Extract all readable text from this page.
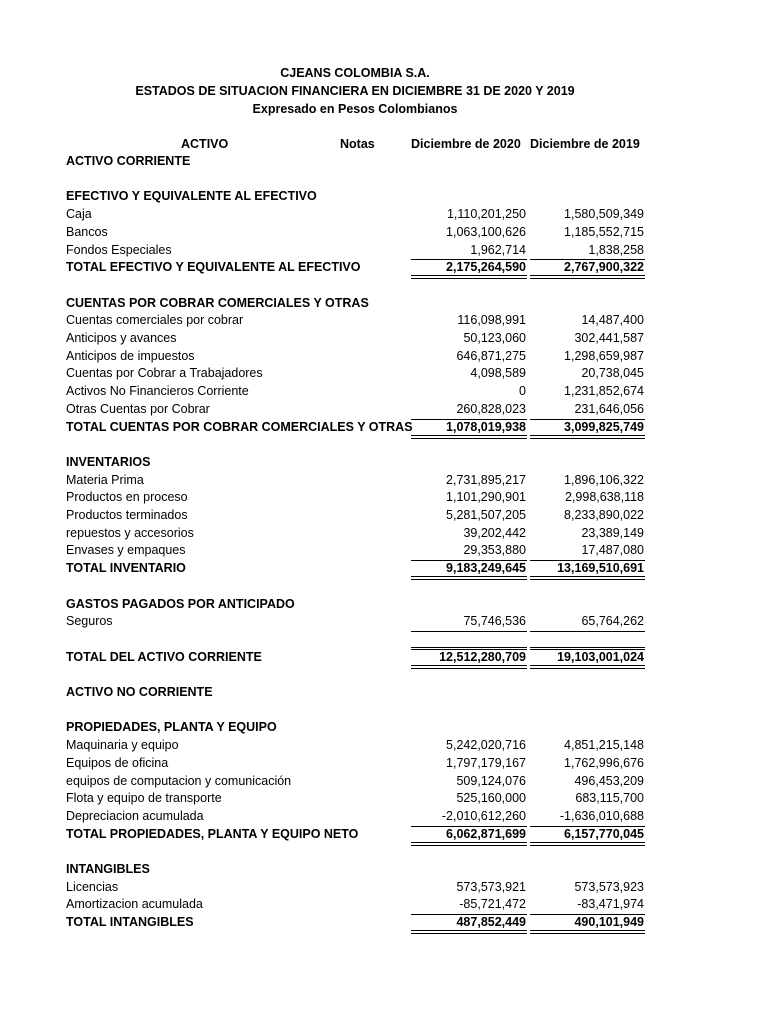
CJEANS COLOMBIA S.A.
ESTADOS DE SITUACION FINANCIERA EN DICIEMBRE 31 DE 2020 Y 2019
Expresado en Pesos Colombianos
ACTIVO	Notas	Diciembre de 2020 Diciembre de 2019
ACTIVO CORRIENTE
EFECTIVO Y EQUIVALENTE AL EFECTIVO
Caja	1,110,201,250	1,580,509,349
Bancos	1,063,100,626	1,185,552,715
Fondos Especiales	1,962,714	1,838,258
TOTAL EFECTIVO Y EQUIVALENTE AL EFECTIVO	2,175,264,590	2,767,900,322
CUENTAS POR COBRAR COMERCIALES Y OTRAS
Cuentas comerciales por cobrar	116,098,991	14,487,400
Anticipos y avances	50,123,060	302,441,587
Anticipos de impuestos	646,871,275	1,298,659,987
Cuentas por Cobrar a Trabajadores	4,098,589	20,738,045
Activos No Financieros Corriente	0	1,231,852,674
Otras Cuentas por Cobrar	260,828,023	231,646,056
TOTAL CUENTAS POR COBRAR COMERCIALES Y OTRAS	1,078,019,938	3,099,825,749
INVENTARIOS
Materia Prima	2,731,895,217	1,896,106,322
Productos en proceso	1,101,290,901	2,998,638,118
Productos terminados	5,281,507,205	8,233,890,022
repuestos y accesorios	39,202,442	23,389,149
Envases y empaques	29,353,880	17,487,080
TOTAL INVENTARIO	9,183,249,645 13,169,510,691
GASTOS PAGADOS POR ANTICIPADO
Seguros	75,746,536	65,764,262
TOTAL DEL ACTIVO CORRIENTE	12,512,280,709 19,103,001,024
ACTIVO NO CORRIENTE
PROPIEDADES, PLANTA Y EQUIPO
Maquinaria y equipo	5,242,020,716	4,851,215,148
Equipos de oficina	1,797,179,167	1,762,996,676
equipos de computacion y comunicación	509,124,076	496,453,209
Flota y equipo de transporte	525,160,000	683,115,700
Depreciacion acumulada	-2,010,612,260	-1,636,010,688
TOTAL PROPIEDADES, PLANTA Y EQUIPO NETO	6,062,871,699	6,157,770,045
INTANGIBLES
Licencias	573,573,921	573,573,923
Amortizacion acumulada	-85,721,472	-83,471,974
TOTAL INTANGIBLES	487,852,449	490,101,949
